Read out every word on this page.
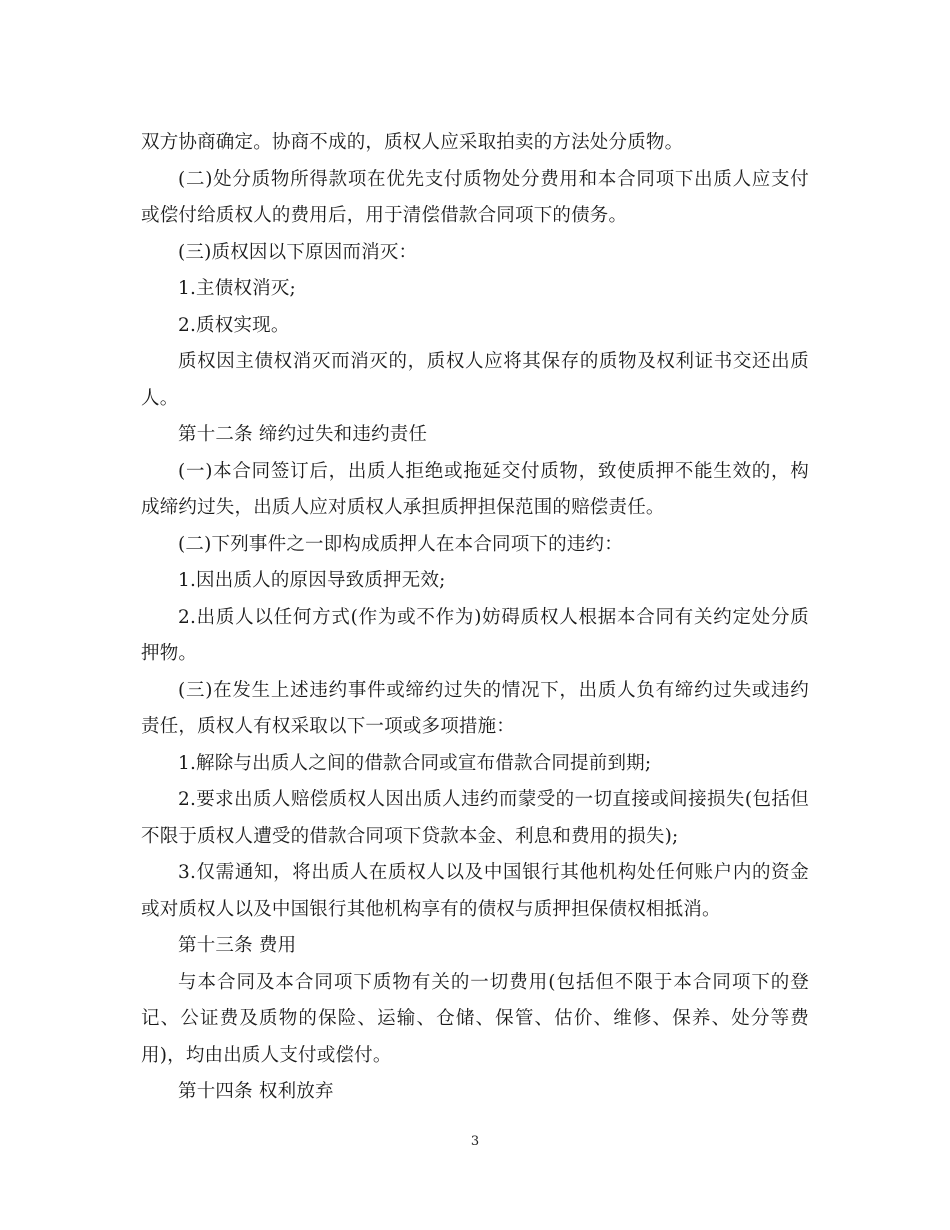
双方协商确定。协商不成的，质权人应采取拍卖的方法处分质物。

(二)处分质物所得款项在优先支付质物处分费用和本合同项下出质人应支付或偿付给质权人的费用后，用于清偿借款合同项下的债务。

(三)质权因以下原因而消灭：

1.主债权消灭;

2.质权实现。

质权因主债权消灭而消灭的，质权人应将其保存的质物及权利证书交还出质人。

第十二条 缔约过失和违约责任

(一)本合同签订后，出质人拒绝或拖延交付质物，致使质押不能生效的，构成缔约过失，出质人应对质权人承担质押担保范围的赔偿责任。

(二)下列事件之一即构成质押人在本合同项下的违约：

1.因出质人的原因导致质押无效;

2.出质人以任何方式(作为或不作为)妨碍质权人根据本合同有关约定处分质押物。

(三)在发生上述违约事件或缔约过失的情况下，出质人负有缔约过失或违约责任，质权人有权采取以下一项或多项措施：

1.解除与出质人之间的借款合同或宣布借款合同提前到期;

2.要求出质人赔偿质权人因出质人违约而蒙受的一切直接或间接损失(包括但不限于质权人遭受的借款合同项下贷款本金、利息和费用的损失);

3.仅需通知，将出质人在质权人以及中国银行其他机构处任何账户内的资金或对质权人以及中国银行其他机构享有的债权与质押担保债权相抵消。

第十三条 费用

与本合同及本合同项下质物有关的一切费用(包括但不限于本合同项下的登记、公证费及质物的保险、运输、仓储、保管、估价、维修、保养、处分等费用)，均由出质人支付或偿付。

第十四条 权利放弃

3
